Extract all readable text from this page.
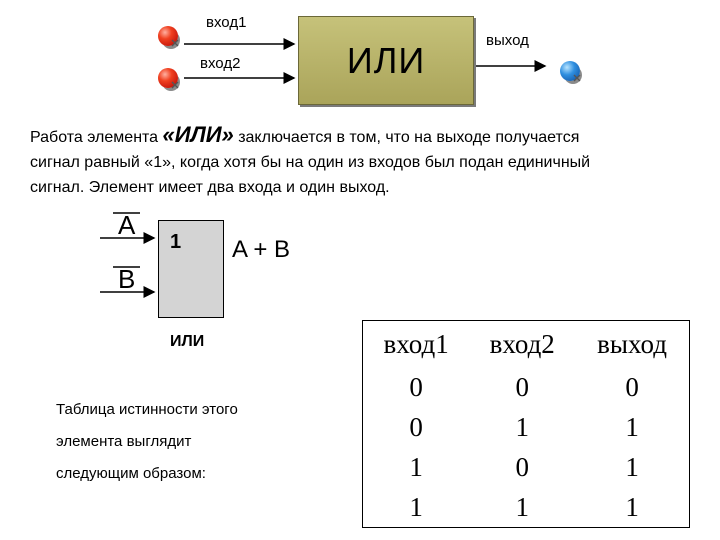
вход1
вход2
выход
ИЛИ
Работа элемента «ИЛИ» заключается в том, что на выходе получается
сигнал равный «1», когда хотя бы на один из входов был подан единичный
сигнал. Элемент имеет два входа и один выход.
A
B
1 A + B
ИЛИ
Таблица истинности этого
элемента выглядит
следующим образом:
вход1	вход2	выход
0	0	0
0	1	1
1	0	1
1	1	1
